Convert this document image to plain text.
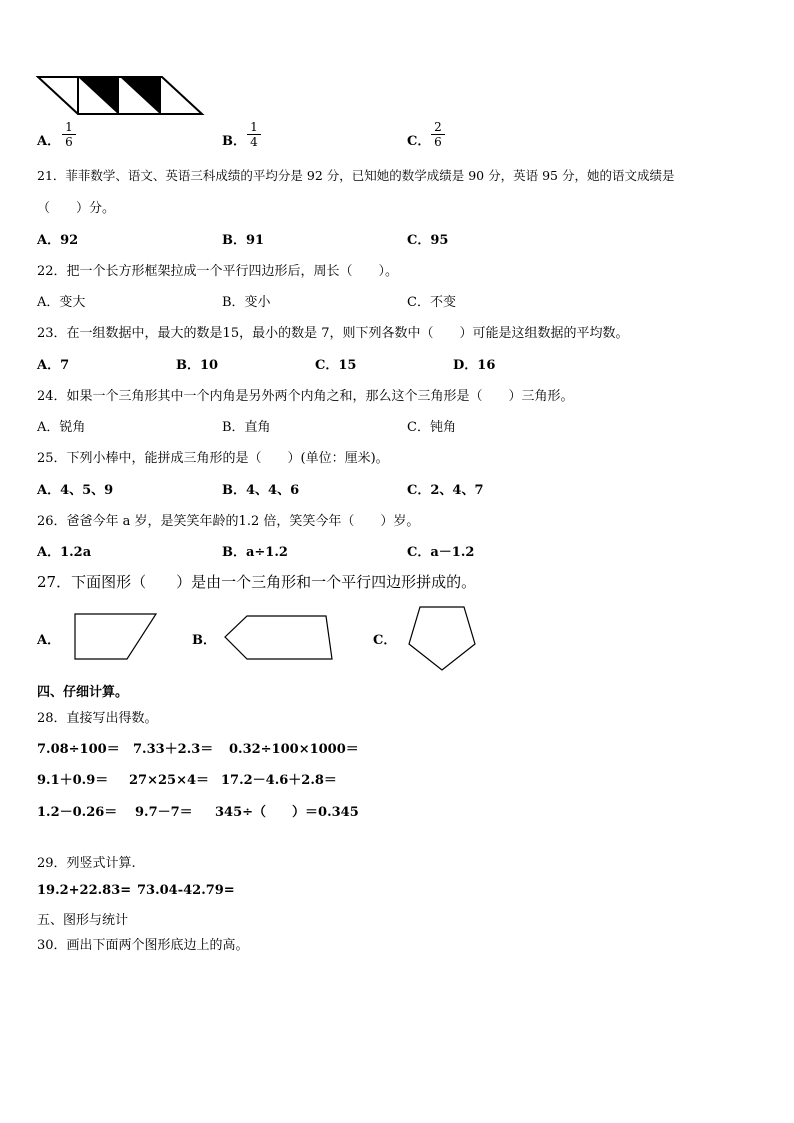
A． $\frac{1}{6}$	B． $\frac{1}{4}$	C． $\frac{2}{6}$
21．菲菲数学、语文、英语三科成绩的平均分是 92 分，已知她的数学成绩是 90 分，英语 95 分，她的语文成绩是
（　　）分。
A．92	B．91	C．95
22．把一个长方形框架拉成一个平行四边形后，周长（　　）。
A．变大	B．变小	C．不变
23．在一组数据中，最大的数是15，最小的数是 7，则下列各数中（　　）可能是这组数据的平均数。
A．7	B．10	C．15	D．16
24．如果一个三角形其中一个内角是另外两个内角之和，那么这个三角形是（　　）三角形。
A．锐角	B．直角	C．钝角
25．下列小棒中，能拼成三角形的是（　　）(单位：厘米)。
A．4、5、9	B．4、4、6	C．2、4、7
26．爸爸今年 a 岁，是笑笑年龄的1.2 倍，笑笑今年（　　）岁。
A．1.2a	B．a÷1.2	C．a－1.2
27．下面图形（　　）是由一个三角形和一个平行四边形拼成的。
A．	B．	C．
四、仔细计算。
28．直接写出得数。
7.08÷100＝ 7.33＋2.3＝ 0.32÷100×1000＝
9.1＋0.9＝ 27×25×4＝ 17.2－4.6＋2.8＝
1.2－0.26＝ 9.7－7＝ 345÷（　　）＝0.345
29．列竖式计算.
19.2+22.83= 73.04-42.79=
五、图形与统计
30．画出下面两个图形底边上的高。
